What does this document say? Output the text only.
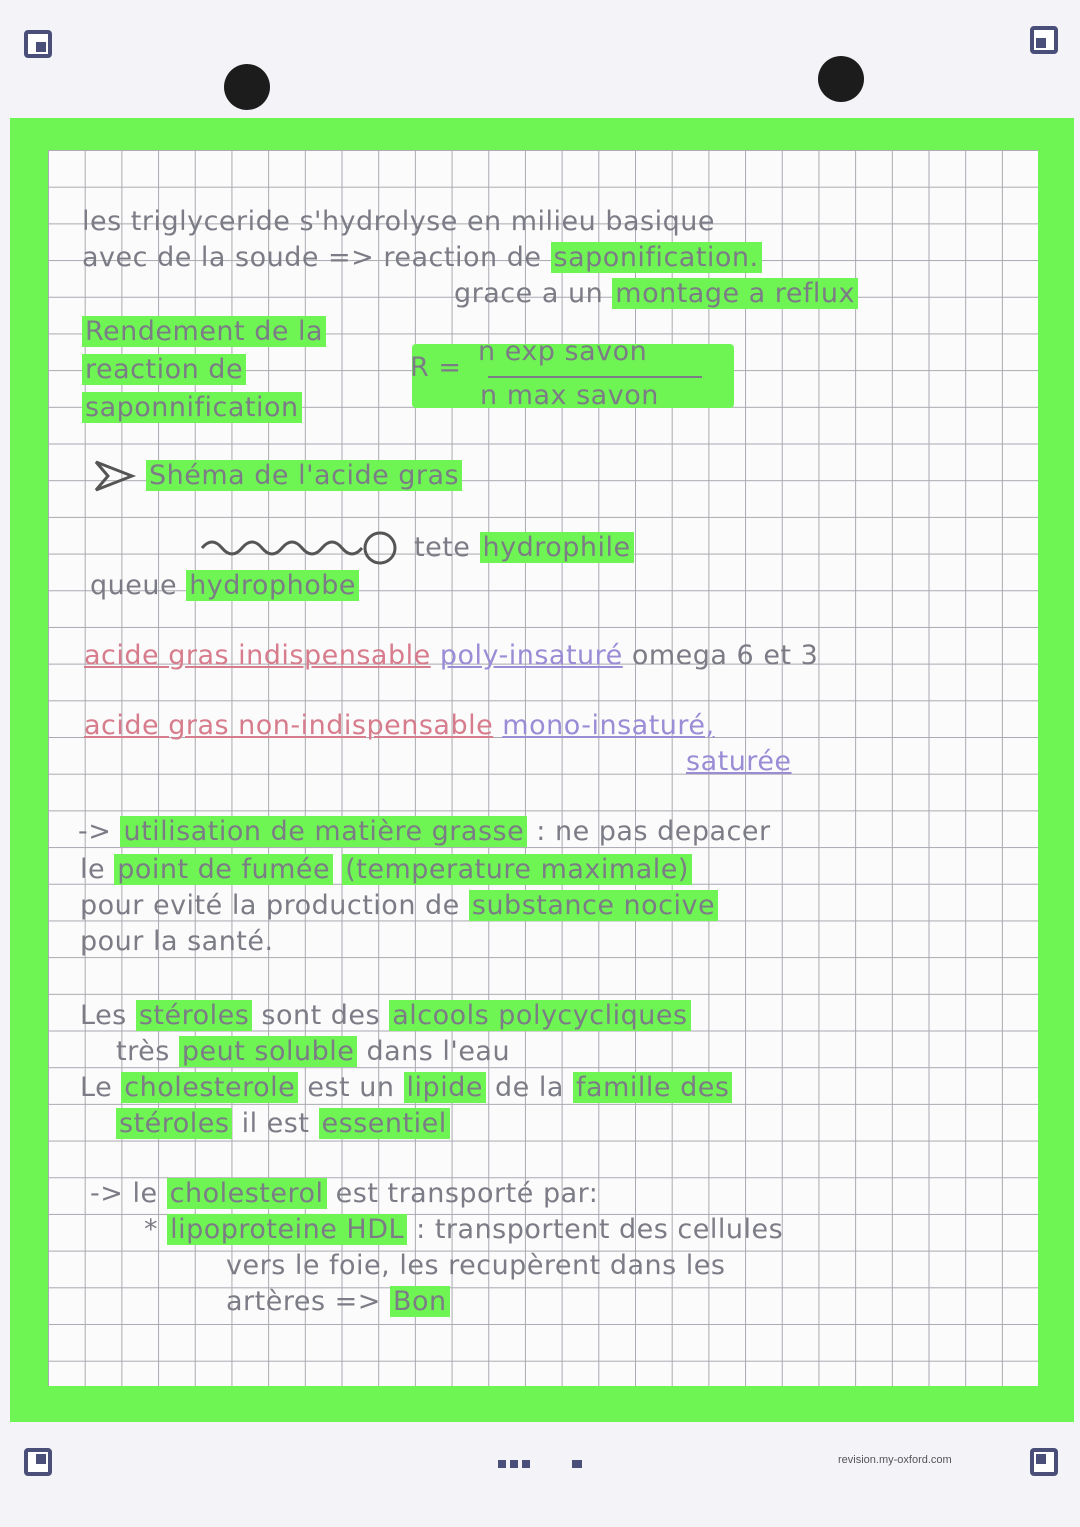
les triglyceride s'hydrolyse en milieu basique
avec de la soude => reaction de saponification.
grace a un montage a reflux
Rendement de la
reaction de
saponnification
R =
n exp savon
n max savon
Shéma de l'acide gras
tete hydrophile
queue hydrophobe
acide gras indispensable poly-insaturé omega 6 et 3
acide gras non-indispensable mono-insaturé,
saturée
-> utilisation de matière grasse : ne pas depacer
le point de fumée (temperature maximale)
pour evité la production de substance nocive
pour la santé.
Les stéroles sont des alcools polycycliques
très peut soluble dans l'eau
Le cholesterole est un lipide de la famille des
stéroles il est essentiel
-> le cholesterol est transporté par:
* lipoproteine HDL : transportent des cellules
vers le foie, les recupèrent dans les
artères => Bon
revision.my-oxford.com
